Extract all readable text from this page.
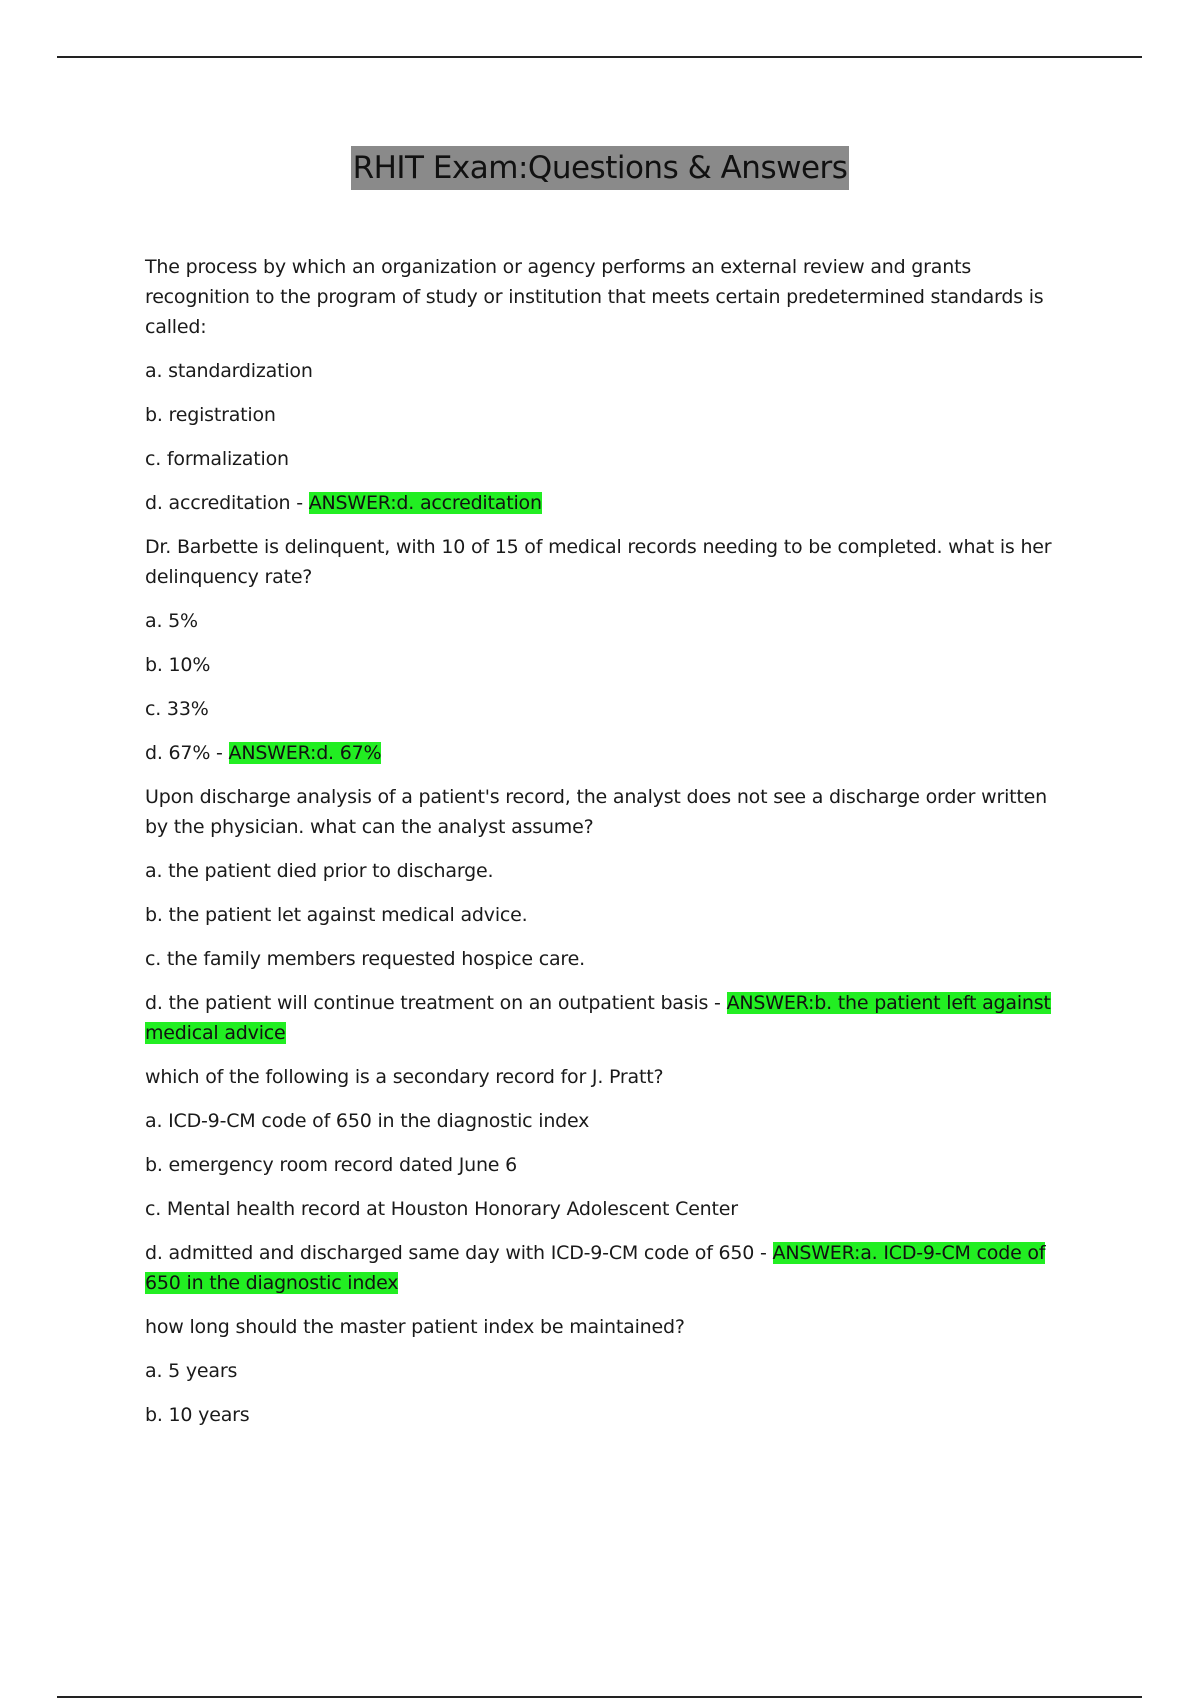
RHIT Exam:Questions & Answers

The process by which an organization or agency performs an external review and grants recognition to the program of study or institution that meets certain predetermined standards is called:

a. standardization

b. registration

c. formalization

d. accreditation - ANSWER:d. accreditation

Dr. Barbette is delinquent, with 10 of 15 of medical records needing to be completed. what is her delinquency rate?

a. 5%

b. 10%

c. 33%

d. 67% - ANSWER:d. 67%

Upon discharge analysis of a patient's record, the analyst does not see a discharge order written by the physician. what can the analyst assume?

a. the patient died prior to discharge.

b. the patient let against medical advice.

c. the family members requested hospice care.

d. the patient will continue treatment on an outpatient basis - ANSWER:b. the patient left against medical advice

which of the following is a secondary record for J. Pratt?

a. ICD-9-CM code of 650 in the diagnostic index

b. emergency room record dated June 6

c. Mental health record at Houston Honorary Adolescent Center

d. admitted and discharged same day with ICD-9-CM code of 650 - ANSWER:a. ICD-9-CM code of 650 in the diagnostic index

how long should the master patient index be maintained?

a. 5 years

b. 10 years
